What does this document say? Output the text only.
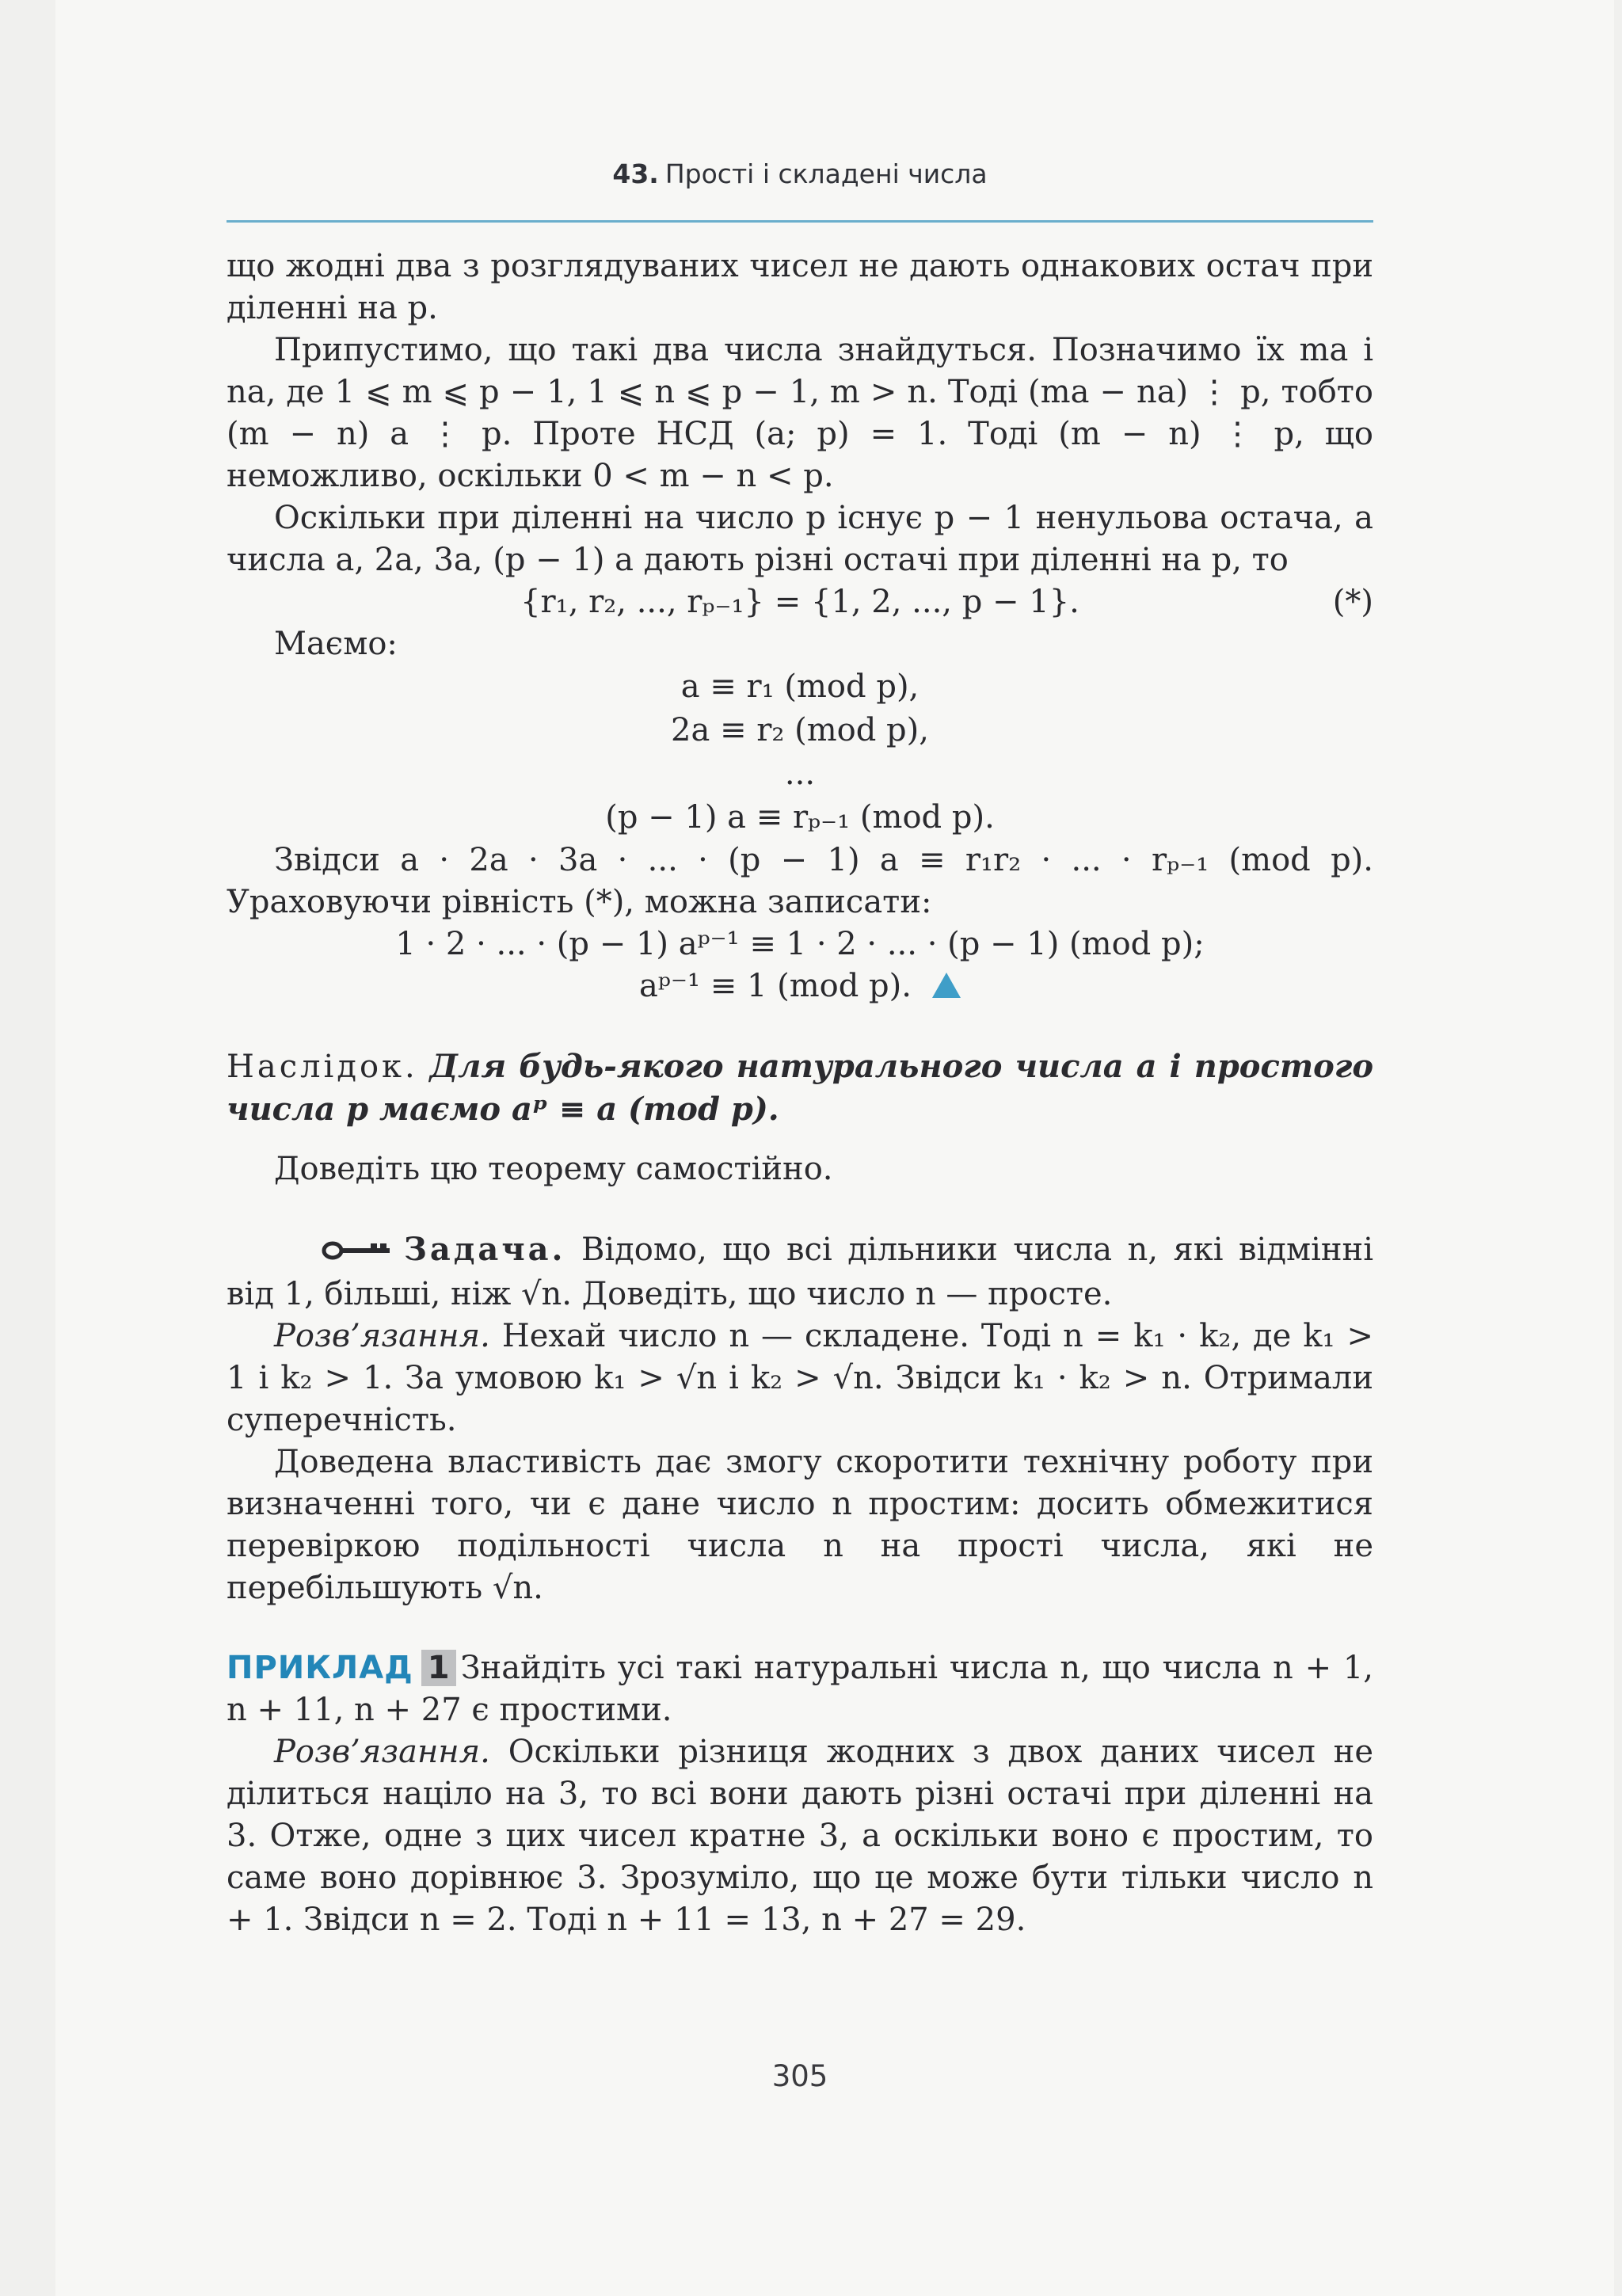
43. Прості і складені числа

що жодні два з розглядуваних чисел не дають однакових остач при діленні на p.

Припустимо, що такі два числа знайдуться. Позначимо їх ma і na, де 1 ⩽ m ⩽ p − 1, 1 ⩽ n ⩽ p − 1, m > n. Тоді (ma − na) ⋮ p, тобто (m − n) a ⋮ p. Проте НСД (a; p) = 1. Тоді (m − n) ⋮ p, що неможливо, оскільки 0 < m − n < p.

Оскільки при діленні на число p існує p − 1 ненульова остача, а числа a, 2a, 3a, (p − 1) a дають різні остачі при діленні на p, то

{r₁, r₂, ..., rₚ₋₁} = {1, 2, ..., p − 1}.	(*)

Маємо:

a ≡ r₁ (mod p),
2a ≡ r₂ (mod p),
...
(p − 1) a ≡ rₚ₋₁ (mod p).

Звідси a · 2a · 3a · ... · (p − 1) a ≡ r₁r₂ · ... · rₚ₋₁ (mod p). Ураховуючи рівність (*), можна записати:

1 · 2 · ... · (p − 1) aᵖ⁻¹ ≡ 1 · 2 · ... · (p − 1) (mod p);
aᵖ⁻¹ ≡ 1 (mod p).

Наслідок. Для будь-якого натурального числа a і простого числа p маємо aᵖ ≡ a (mod p).

Доведіть цю теорему самостійно.

Задача. Відомо, що всі дільники числа n, які відмінні від 1, більші, ніж √n. Доведіть, що число n — просте.

Розв’язання. Нехай число n — складене. Тоді n = k₁ · k₂, де k₁ > 1 і k₂ > 1. За умовою k₁ > √n і k₂ > √n. Звідси k₁ · k₂ > n. Отримали суперечність.

Доведена властивість дає змогу скоротити технічну роботу при визначенні того, чи є дане число n простим: досить обмежитися перевіркою подільності числа n на прості числа, які не перебільшують √n.

ПРИКЛАД 1 Знайдіть усі такі натуральні числа n, що числа n + 1, n + 11, n + 27 є простими.

Розв’язання. Оскільки різниця жодних з двох даних чисел не ділиться націло на 3, то всі вони дають різні остачі при діленні на 3. Отже, одне з цих чисел кратне 3, а оскільки воно є простим, то саме воно дорівнює 3. Зрозуміло, що це може бути тільки число n + 1. Звідси n = 2. Тоді n + 11 = 13, n + 27 = 29.

305
